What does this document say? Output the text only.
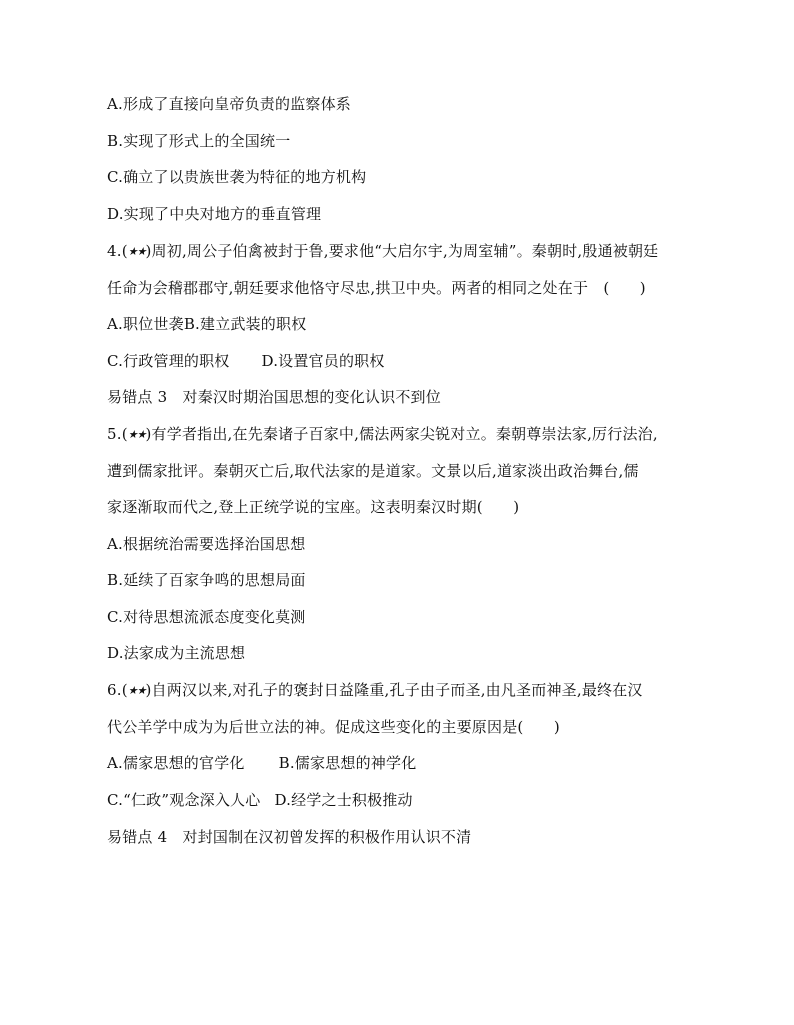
A.形成了直接向皇帝负责的监察体系
B.实现了形式上的全国统一
C.确立了以贵族世袭为特征的地方机构
D.实现了中央对地方的垂直管理
4.(★★)周初,周公子伯禽被封于鲁,要求他“大启尔宇,为周室辅”。秦朝时,殷通被朝廷
任命为会稽郡郡守,朝廷要求他恪守尽忠,拱卫中央。两者的相同之处在于　(　　)
A.职位世袭B.建立武装的职权
C.行政管理的职权 D.设置官员的职权
易错点 3　对秦汉时期治国思想的变化认识不到位
5.(★★)有学者指出,在先秦诸子百家中,儒法两家尖锐对立。秦朝尊崇法家,厉行法治,
遭到儒家批评。秦朝灭亡后,取代法家的是道家。文景以后,道家淡出政治舞台,儒
家逐渐取而代之,登上正统学说的宝座。这表明秦汉时期(　　)
A.根据统治需要选择治国思想
B.延续了百家争鸣的思想局面
C.对待思想流派态度变化莫测
D.法家成为主流思想
6.(★★)自两汉以来,对孔子的褒封日益隆重,孔子由子而圣,由凡圣而神圣,最终在汉
代公羊学中成为为后世立法的神。促成这些变化的主要原因是(　　)
A.儒家思想的官学化 B.儒家思想的神学化
C.“仁政”观念深入人心 D.经学之士积极推动
易错点 4　对封国制在汉初曾发挥的积极作用认识不清
